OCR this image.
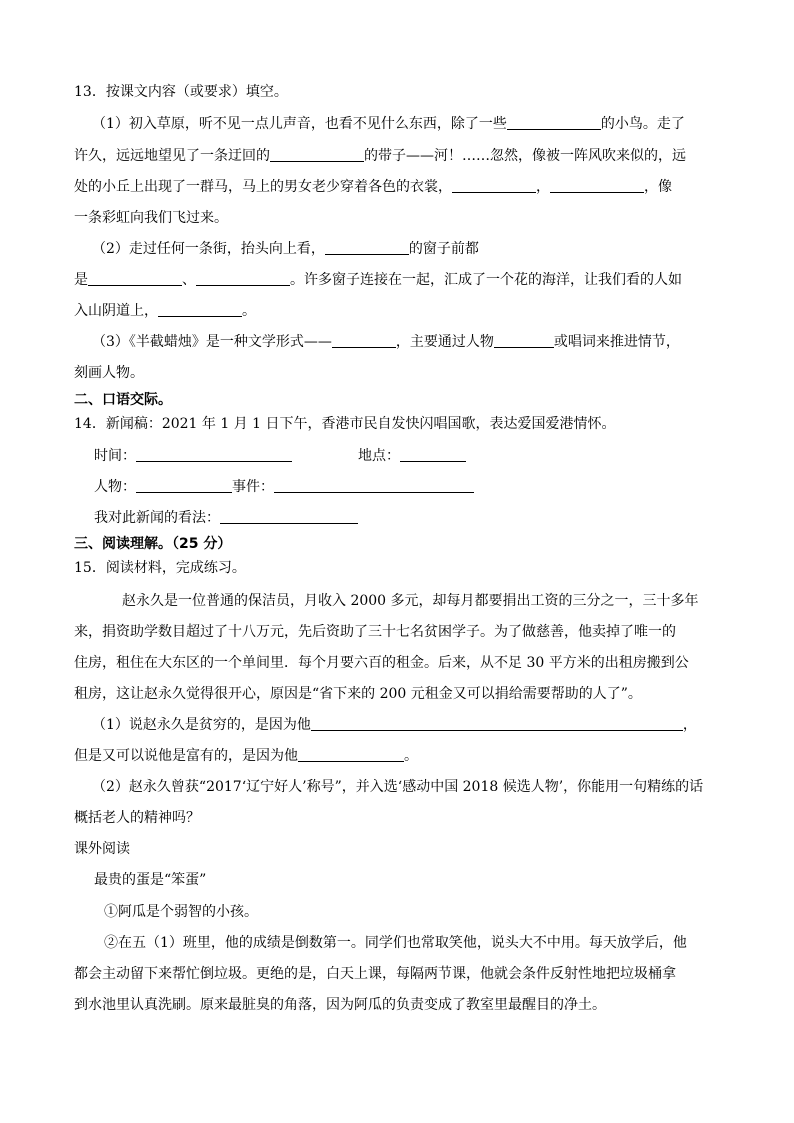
13．按课文内容（或要求）填空。
（1）初入草原，听不见一点儿声音，也看不见什么东西，除了一些	的小鸟。走了
许久，远远地望见了一条迂回的	的带子——河！……忽然，像被一阵风吹来似的，远
处的小丘上出现了一群马，马上的男女老少穿着各色的衣裳，	，	，像
一条彩虹向我们飞过来。
（2）走过任何一条街，抬头向上看，	的窗子前都
是	、	。许多窗子连接在一起，汇成了一个花的海洋，让我们看的人如
入山阴道上，	。
（3）《半截蜡烛》是一种文学形式——	，主要通过人物	或唱词来推进情节，
刻画人物。
二、口语交际。
14．新闻稿：2021 年 1 月 1 日下午，香港市民自发快闪唱国歌，表达爱国爱港情怀。
时间：	地点：
人物：	事件：
我对此新闻的看法：
三、阅读理解。（25 分）
15．阅读材料，完成练习。
赵永久是一位普通的保洁员，月收入 2000 多元，却每月都要捐出工资的三分之一，三十多年
来，捐资助学数目超过了十八万元，先后资助了三十七名贫困学子。为了做慈善，他卖掉了唯一的
住房，租住在大东区的一个单间里．每个月要六百的租金。后来，从不足 30 平方米的出租房搬到公
租房，这让赵永久觉得很开心，原因是“省下来的 200 元租金又可以捐给需要帮助的人了”。
（1）说赵永久是贫穷的，是因为他	，
但是又可以说他是富有的，是因为他	。
（2）赵永久曾获“2017‘辽宁好人’称号”，并入选‘感动中国 2018 候选人物’，你能用一句精练的话
概括老人的精神吗？
课外阅读
最贵的蛋是“笨蛋”
①阿瓜是个弱智的小孩。
②在五（1）班里，他的成绩是倒数第一。同学们也常取笑他，说头大不中用。每天放学后，他
都会主动留下来帮忙倒垃圾。更绝的是，白天上课，每隔两节课，他就会条件反射性地把垃圾桶拿
到水池里认真洗刷。原来最脏臭的角落，因为阿瓜的负责变成了教室里最醒目的净土。
